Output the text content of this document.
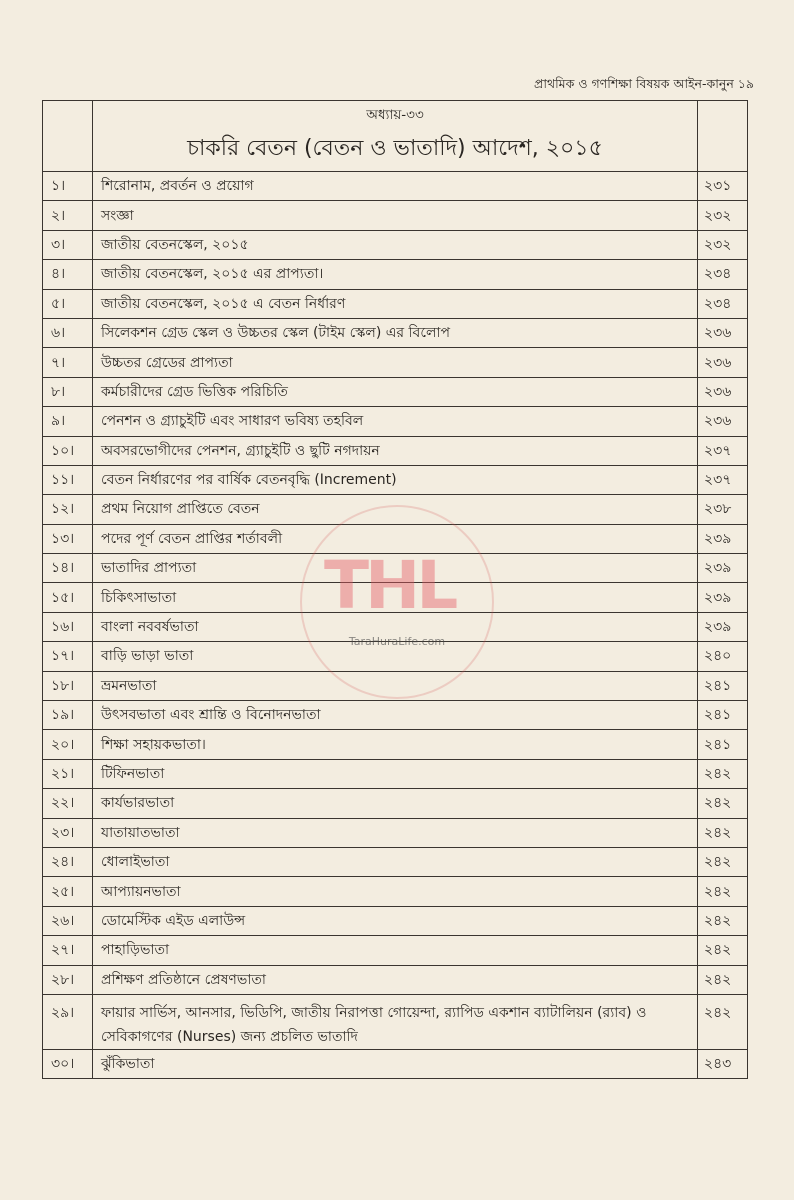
প্রাথমিক ও গণশিক্ষা বিষয়ক আইন-কানুন ১৯

	অধ্যায়-৩৩
চাকরি বেতন (বেতন ও ভাতাদি) আদেশ, ২০১৫	

১।	শিরোনাম, প্রবর্তন ও প্রয়োগ	২৩১
২।	সংজ্ঞা	২৩২
৩।	জাতীয় বেতনস্কেল, ২০১৫	২৩২
৪।	জাতীয় বেতনস্কেল, ২০১৫ এর প্রাপ্যতা।	২৩৪
৫।	জাতীয় বেতনস্কেল, ২০১৫ এ বেতন নির্ধারণ	২৩৪
৬।	সিলেকশন গ্রেড স্কেল ও উচ্চতর স্কেল (টাইম স্কেল) এর বিলোপ	২৩৬
৭।	উচ্চতর গ্রেডের প্রাপ্যতা	২৩৬
৮।	কর্মচারীদের গ্রেড ভিত্তিক পরিচিতি	২৩৬
৯।	পেনশন ও গ্র্যাচুইটি এবং সাধারণ ভবিষ্য তহবিল	২৩৬
১০।	অবসরভোগীদের পেনশন, গ্র্যাচুইটি ও ছুটি নগদায়ন	২৩৭
১১।	বেতন নির্ধারণের পর বার্ষিক বেতনবৃদ্ধি (Increment)	২৩৭
১২।	প্রথম নিয়োগ প্রাপ্তিতে বেতন	২৩৮
১৩।	পদের পূর্ণ বেতন প্রাপ্তির শর্তাবলী	২৩৯
১৪।	ভাতাদির প্রাপ্যতা	২৩৯
১৫।	চিকিৎসাভাতা	২৩৯
১৬।	বাংলা নববর্ষভাতা	২৩৯
১৭।	বাড়ি ভাড়া ভাতা	২৪০
১৮।	ভ্রমনভাতা	২৪১
১৯।	উৎসবভাতা এবং শ্রান্তি ও বিনোদনভাতা	২৪১
২০।	শিক্ষা সহায়কভাতা।	২৪১
২১।	টিফিনভাতা	২৪২
২২।	কার্যভারভাতা	২৪২
২৩।	যাতায়াতভাতা	২৪২
২৪।	ধোলাইভাতা	২৪২
২৫।	আপ্যায়নভাতা	২৪২
২৬।	ডোমেস্টিক এইড এলাউন্স	২৪২
২৭।	পাহাড়িভাতা	২৪২
২৮।	প্রশিক্ষণ প্রতিষ্ঠানে প্রেষণভাতা	২৪২
২৯।	ফায়ার সার্ভিস, আনসার, ভিডিপি, জাতীয় নিরাপত্তা গোয়েন্দা, র‍্যাপিড একশান ব্যাটালিয়ন (র‍্যাব) ও সেবিকাগণের (Nurses) জন্য প্রচলিত ভাতাদি	২৪২
৩০।	ঝুঁকিভাতা	২৪৩
THL
TaraHuraLife.com
